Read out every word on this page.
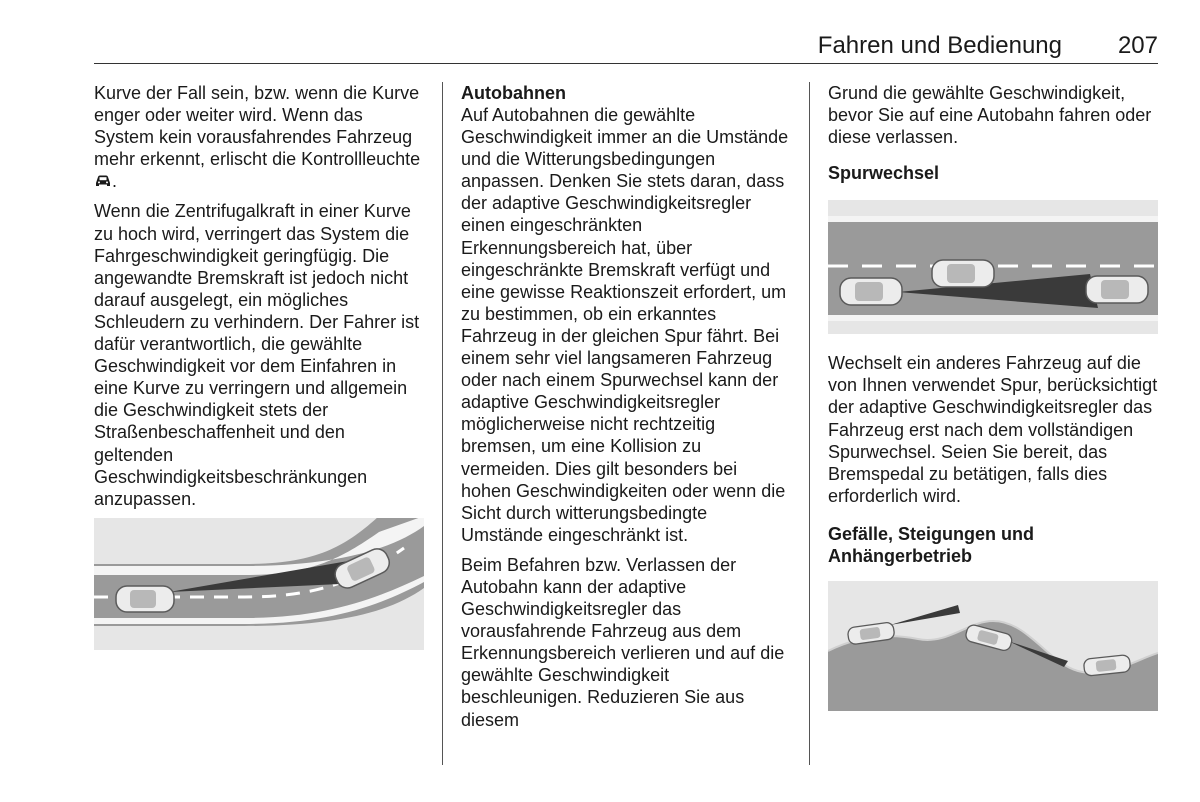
Fahren und Bedienung	207

Kurve der Fall sein, bzw. wenn die Kurve enger oder weiter wird. Wenn das System kein vorausfahrendes Fahrzeug mehr erkennt, erlischt die Kontrollleuchte .

Wenn die Zentrifugalkraft in einer Kurve zu hoch wird, verringert das System die Fahrgeschwindigkeit geringfügig. Die angewandte Bremskraft ist jedoch nicht darauf ausgelegt, ein mögliches Schleudern zu verhindern. Der Fahrer ist dafür verantwortlich, die gewählte Geschwindigkeit vor dem Einfahren in eine Kurve zu verringern und allgemein die Geschwindigkeit stets der Straßenbeschaffenheit und den geltenden Geschwindigkeitsbeschränkungen anzupassen.

Autobahnen

Auf Autobahnen die gewählte Geschwindigkeit immer an die Umstände und die Witterungsbedingungen anpassen. Denken Sie stets daran, dass der adaptive Geschwindigkeitsregler einen eingeschränkten Erkennungsbereich hat, über eingeschränkte Bremskraft verfügt und eine gewisse Reaktionszeit erfordert, um zu bestimmen, ob ein erkanntes Fahrzeug in der gleichen Spur fährt. Bei einem sehr viel langsameren Fahrzeug oder nach einem Spurwechsel kann der adaptive Geschwindigkeitsregler möglicherweise nicht rechtzeitig bremsen, um eine Kollision zu vermeiden. Dies gilt besonders bei hohen Geschwindigkeiten oder wenn die Sicht durch witterungsbedingte Umstände eingeschränkt ist.

Beim Befahren bzw. Verlassen der Autobahn kann der adaptive Geschwindigkeitsregler das vorausfahrende Fahrzeug aus dem Erkennungsbereich verlieren und auf die gewählte Geschwindigkeit beschleunigen. Reduzieren Sie aus diesem

Grund die gewählte Geschwindigkeit, bevor Sie auf eine Autobahn fahren oder diese verlassen.

Spurwechsel

Wechselt ein anderes Fahrzeug auf die von Ihnen verwendet Spur, berücksichtigt der adaptive Geschwindigkeitsregler das Fahrzeug erst nach dem vollständigen Spurwechsel. Seien Sie bereit, das Bremspedal zu betätigen, falls dies erforderlich wird.

Gefälle, Steigungen und Anhängerbetrieb
